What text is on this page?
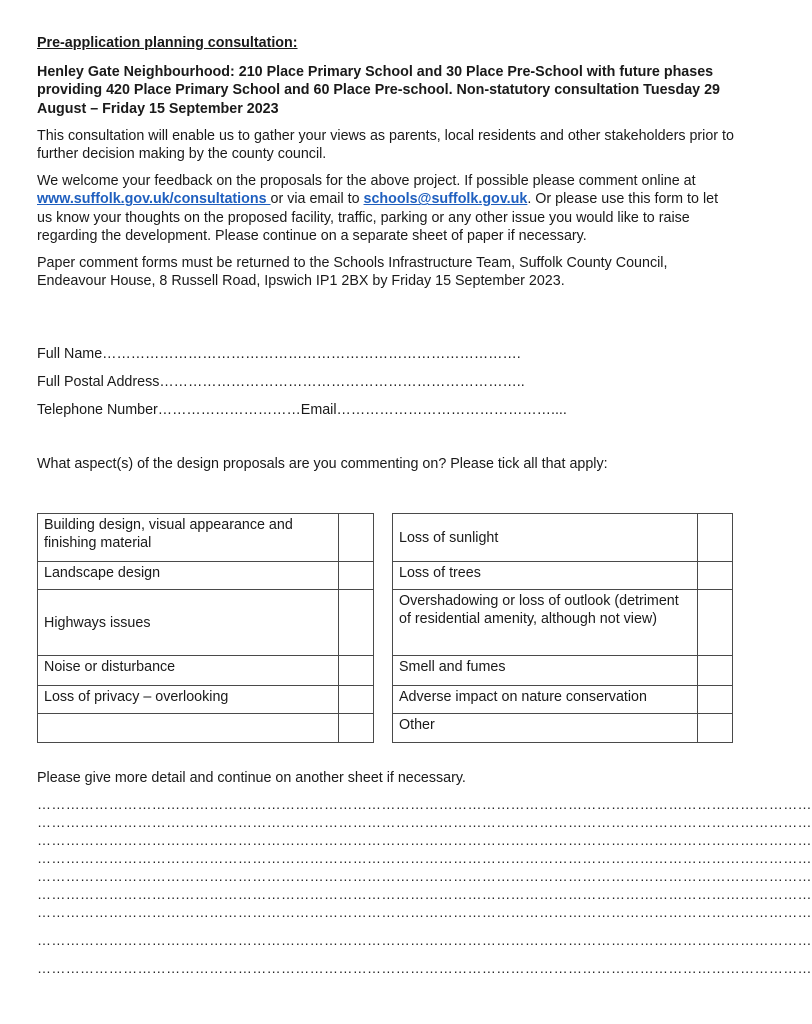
Pre-application planning consultation:

Henley Gate Neighbourhood: 210 Place Primary School and 30 Place Pre-School with future phases providing 420 Place Primary School and 60 Place Pre-school. Non-statutory consultation Tuesday 29 August – Friday 15 September 2023

This consultation will enable us to gather your views as parents, local residents and other stakeholders prior to further decision making by the county council.

We welcome your feedback on the proposals for the above project. If possible please comment online at www.suffolk.gov.uk/consultations or via email to schools@suffolk.gov.uk. Or please use this form to let us know your thoughts on the proposed facility, traffic, parking or any other issue you would like to raise regarding the development. Please continue on a separate sheet of paper if necessary.

Paper comment forms must be returned to the Schools Infrastructure Team, Suffolk County Council, Endeavour House, 8 Russell Road, Ipswich IP1 2BX by Friday 15 September 2023.

Full Name…………………………………………………………………………….
Full Postal Address…………………………………………………………………..
Telephone Number…………………………Email………………………………………....
What aspect(s) of the design proposals are you commenting on? Please tick all that apply:
Building design, visual appearance and finishing material	
Landscape design	
Highways issues	
Noise or disturbance	
Loss of privacy – overlooking	

Loss of sunlight	
Loss of trees	
Overshadowing or loss of outlook (detriment
of residential amenity, although not view)	
Smell and fumes	
Adverse impact on nature conservation	
Other	
Please give more detail and continue on another sheet if necessary.
………………………………………………………………………………………………………………………………………………
………………………………………………………………………………………………………………………………………………
………………………………………………………………………………………………………………………………………………
………………………………………………………………………………………………………………………………………………
………………………………………………………………………………………………………………………………………………
………………………………………………………………………………………………………………………………………………
………………………………………………………………………………………………………………………………………………
………………………………………………………………………………………………………………………………………………
………………………………………………………………………………………………………………………………………………
